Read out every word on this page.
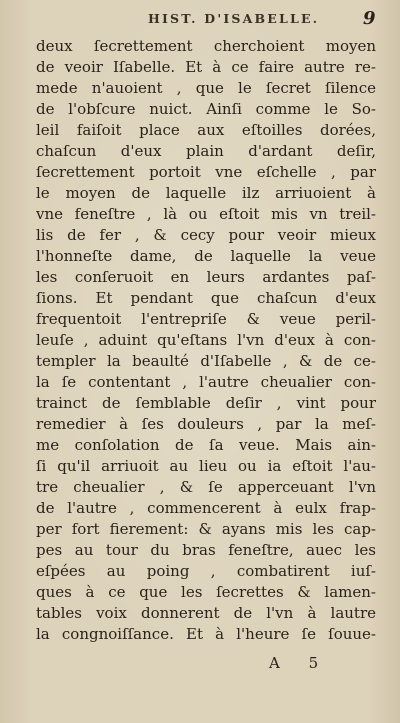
HIST. D'ISABELLE. 9
deux ſecrettement cherchoient moyen
de veoir Iſabelle. Et à ce faire autre re-
mede n'auoient , que le ſecret ſilence
de l'obſcure nuict. Ainſi comme le So-
leil faiſoit place aux eſtoilles dorées,
chaſcun d'eux plain d'ardant deſir,
ſecrettement portoit vne eſchelle , par
le moyen de laquelle ilz arriuoient à
vne feneſtre , là ou eſtoit mis vn treil-
lis de fer , & cecy pour veoir mieux
l'honneſte dame, de laquelle la veue
les conſeruoit en leurs ardantes paſ-
ſions. Et pendant que chaſcun d'eux
frequentoit l'entrepriſe & veue peril-
leuſe , aduint qu'eſtans l'vn d'eux à con-
templer la beaulté d'Iſabelle , & de ce-
la ſe contentant , l'autre cheualier con-
trainct de ſemblable deſir , vint pour
remedier à ſes douleurs , par la meſ-
me conſolation de ſa veue. Mais ain-
ſi qu'il arriuoit au lieu ou ia eſtoit l'au-
tre cheualier , & ſe apperceuant l'vn
de l'autre , commencerent à eulx frap-
per fort fierement: & ayans mis les cap-
pes au tour du bras feneſtre, auec les
eſpées au poing , combatirent iuſ-
ques à ce que les ſecrettes & lamen-
tables voix donnerent de l'vn à lautre
la congnoiſſance. Et à l'heure ſe ſouue-
A 5
